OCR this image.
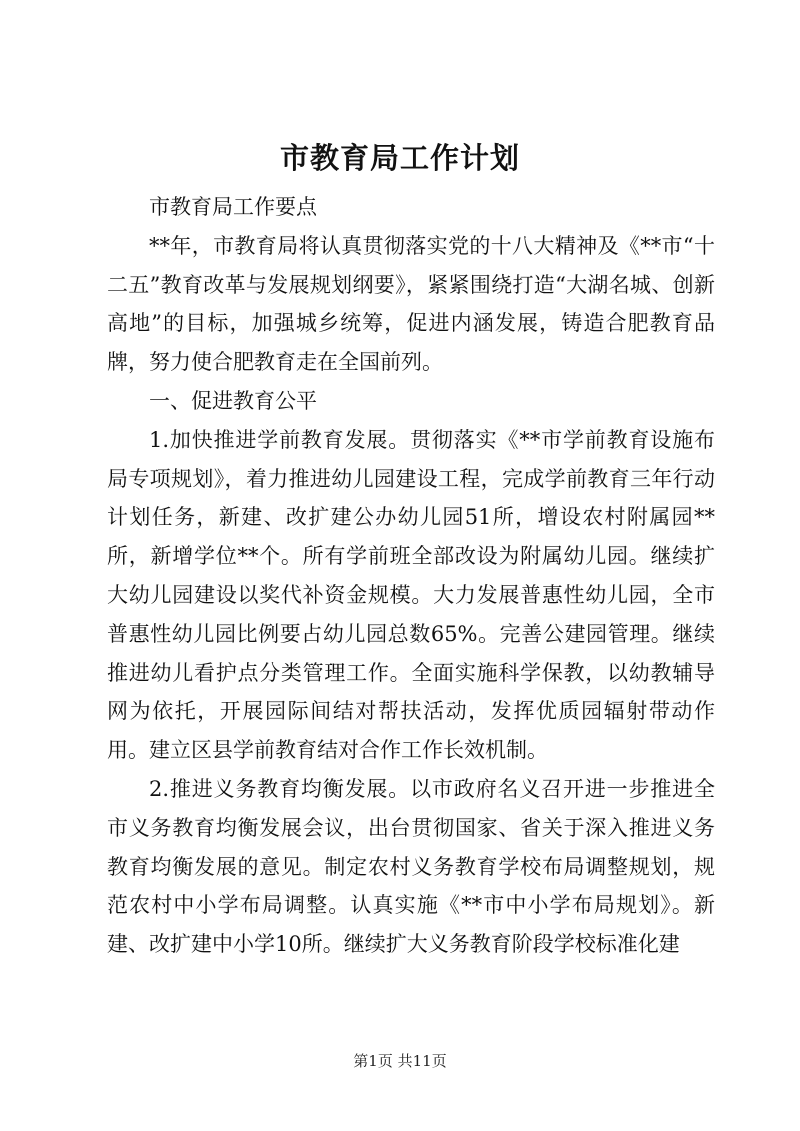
市教育局工作计划

市教育局工作要点

**年，市教育局将认真贯彻落实党的十八大精神及《**市“十二五”教育改革与发展规划纲要》，紧紧围绕打造“大湖名城、创新高地”的目标，加强城乡统筹，促进内涵发展，铸造合肥教育品牌，努力使合肥教育走在全国前列。

一、促进教育公平

1.加快推进学前教育发展。贯彻落实《**市学前教育设施布局专项规划》，着力推进幼儿园建设工程，完成学前教育三年行动计划任务，新建、改扩建公办幼儿园51所，增设农村附属园**所，新增学位**个。所有学前班全部改设为附属幼儿园。继续扩大幼儿园建设以奖代补资金规模。大力发展普惠性幼儿园，全市普惠性幼儿园比例要占幼儿园总数65%。完善公建园管理。继续推进幼儿看护点分类管理工作。全面实施科学保教，以幼教辅导网为依托，开展园际间结对帮扶活动，发挥优质园辐射带动作用。建立区县学前教育结对合作工作长效机制。

2.推进义务教育均衡发展。以市政府名义召开进一步推进全市义务教育均衡发展会议，出台贯彻国家、省关于深入推进义务教育均衡发展的意见。制定农村义务教育学校布局调整规划，规范农村中小学布局调整。认真实施《**市中小学布局规划》。新建、改扩建中小学10所。继续扩大义务教育阶段学校标准化建

第1页 共11页
